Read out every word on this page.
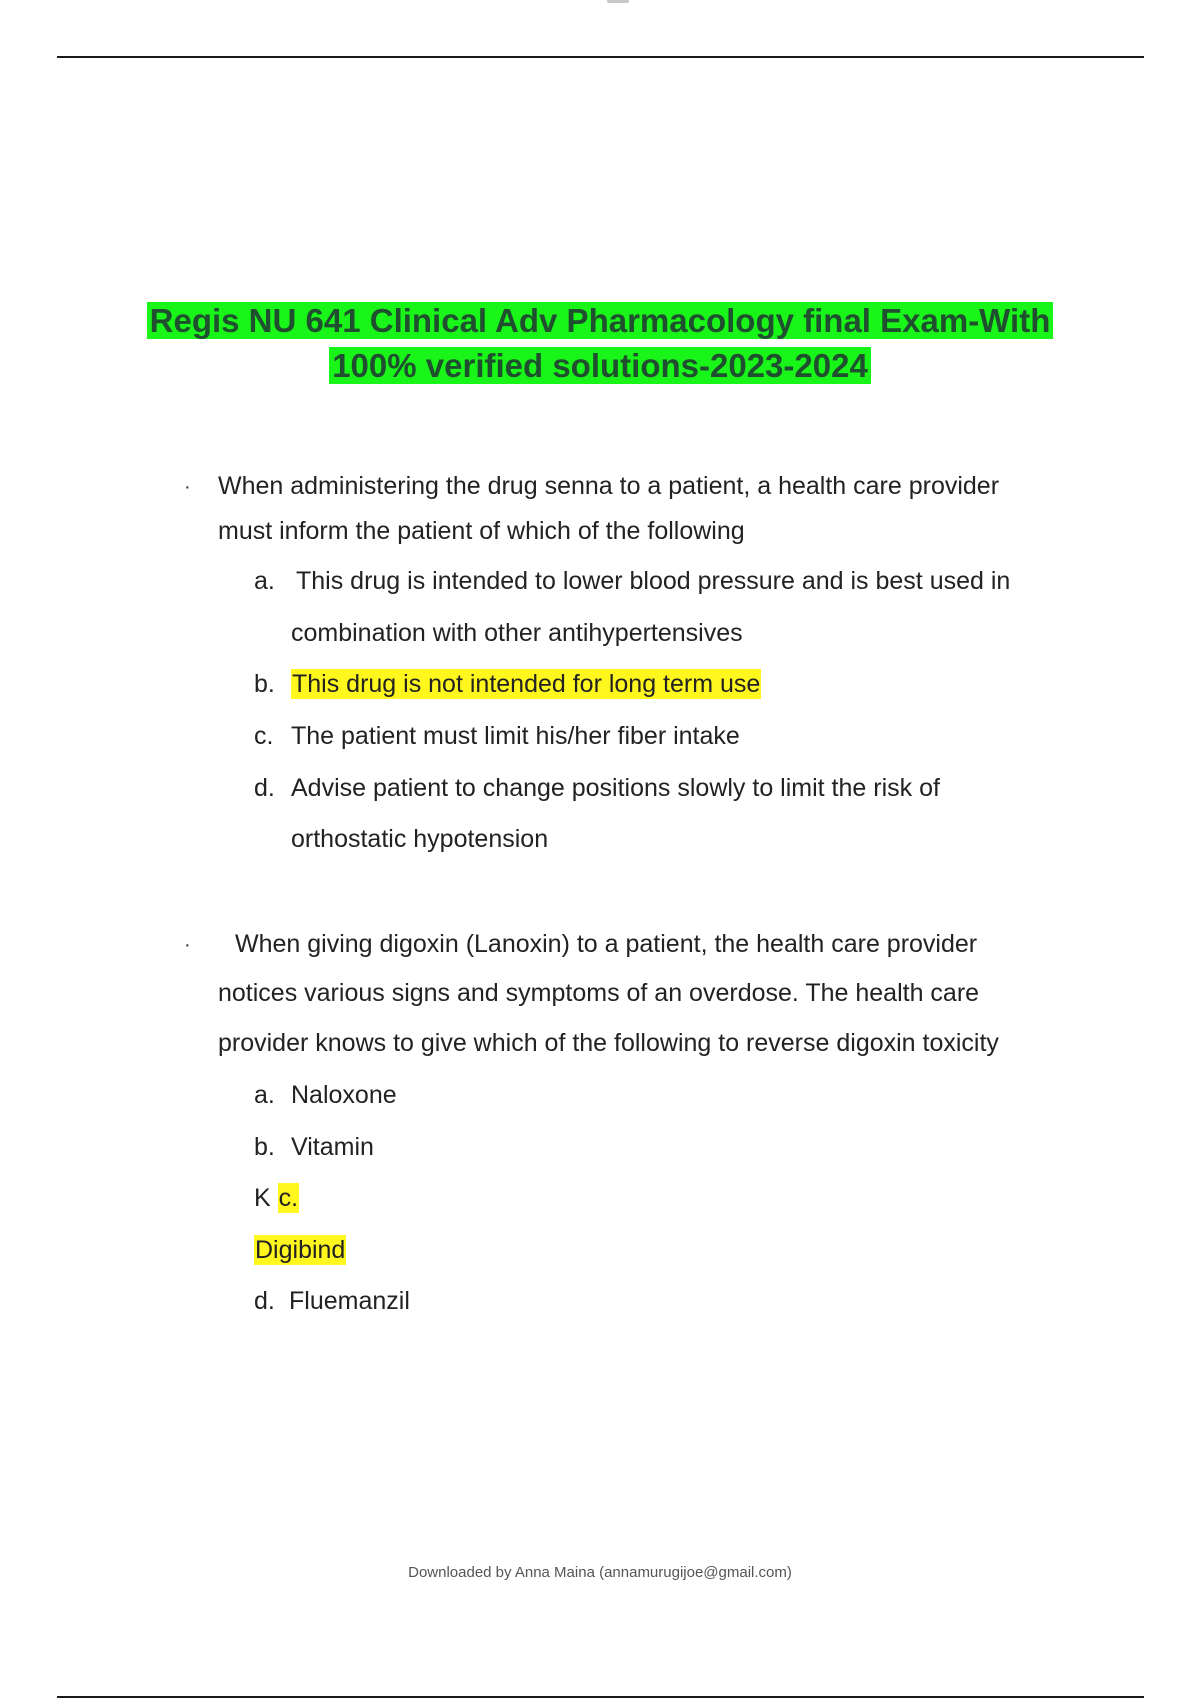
Regis NU 641 Clinical Adv Pharmacology final Exam-With
100% verified solutions-2023-2024
· When administering the drug senna to a patient, a health care provider
must inform the patient of which of the following
a. This drug is intended to lower blood pressure and is best used in
combination with other antihypertensives
b. This drug is not intended for long term use
c. The patient must limit his/her fiber intake
d. Advise patient to change positions slowly to limit the risk of
orthostatic hypotension
· When giving digoxin (Lanoxin) to a patient, the health care provider
notices various signs and symptoms of an overdose. The health care
provider knows to give which of the following to reverse digoxin toxicity
a. Naloxone
b. Vitamin
K c.
Digibind
d. Fluemanzil
Downloaded by Anna Maina (annamurugijoe@gmail.com)
